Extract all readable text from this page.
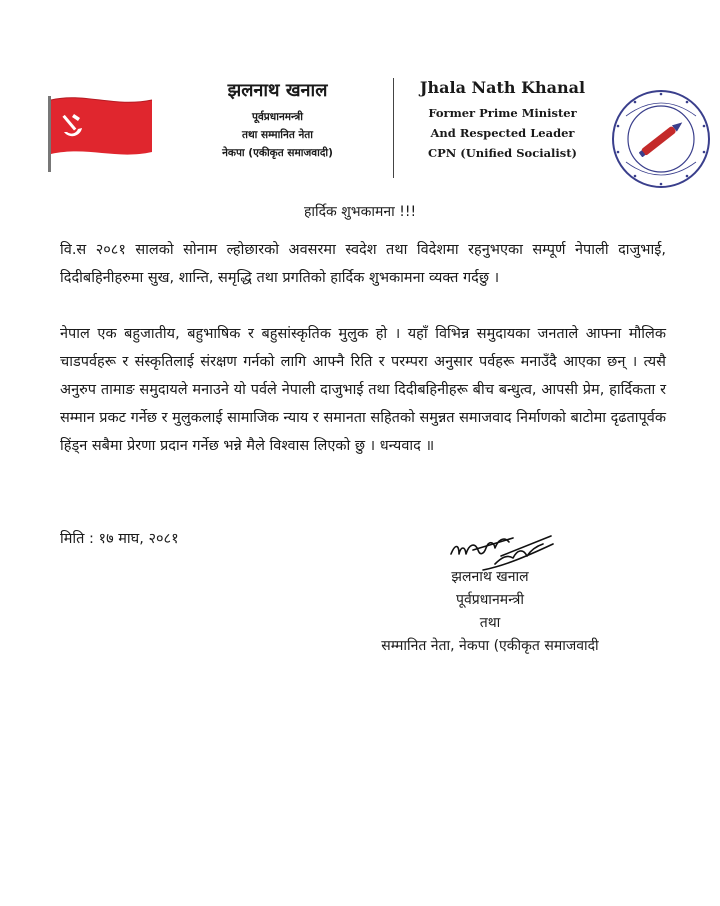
झलनाथ खनाल
पूर्वप्रधानमन्त्री
तथा सम्मानित नेता
नेकपा (एकीकृत समाजवादी)
Jhala Nath Khanal
Former Prime Minister
And Respected Leader
CPN (Unified Socialist)
हार्दिक शुभकामना !!!

वि.स २०८१ सालको सोनाम ल्होछारको अवसरमा स्वदेश तथा विदेशमा रहनुभएका सम्पूर्ण नेपाली दाजुभाई, दिदीबहिनीहरुमा सुख, शान्ति, समृद्धि तथा प्रगतिको हार्दिक शुभकामना व्यक्त गर्दछु ।

नेपाल एक बहुजातीय, बहुभाषिक र बहुसांस्कृतिक मुलुक हो । यहाँ विभिन्न समुदायका जनताले आफ्ना मौलिक चाडपर्वहरू र संस्कृतिलाई संरक्षण गर्नको लागि आफ्नै रिति र परम्परा अनुसार पर्वहरू मनाउँदै आएका छन् । त्यसै अनुरुप तामाङ समुदायले मनाउने यो पर्वले नेपाली दाजुभाई तथा दिदीबहिनीहरू बीच बन्धुत्व, आपसी प्रेम, हार्दिकता र सम्मान प्रकट गर्नेछ र मुलुकलाई सामाजिक न्याय र समानता सहितको समुन्नत समाजवाद निर्माणको बाटोमा दृढतापूर्वक हिंड्न सबैमा प्रेरणा प्रदान गर्नेछ भन्ने मैले विश्वास लिएको छु । धन्यवाद ॥

मिति : १७ माघ, २०८१
झलनाथ खनाल
पूर्वप्रधानमन्त्री
तथा
सम्मानित नेता, नेकपा (एकीकृत समाजवादी
